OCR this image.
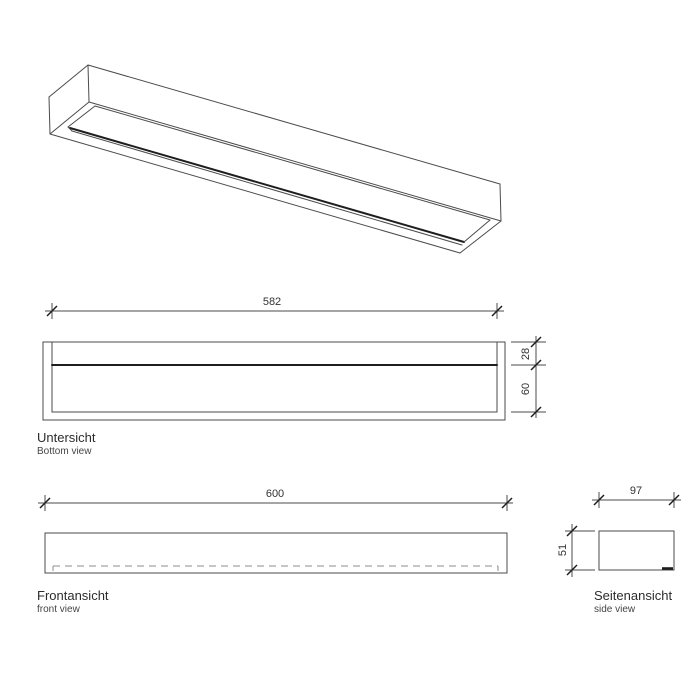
582
28
60
600	97
51
Untersicht
Bottom view
Frontansicht
front view
Seitenansicht
side view
